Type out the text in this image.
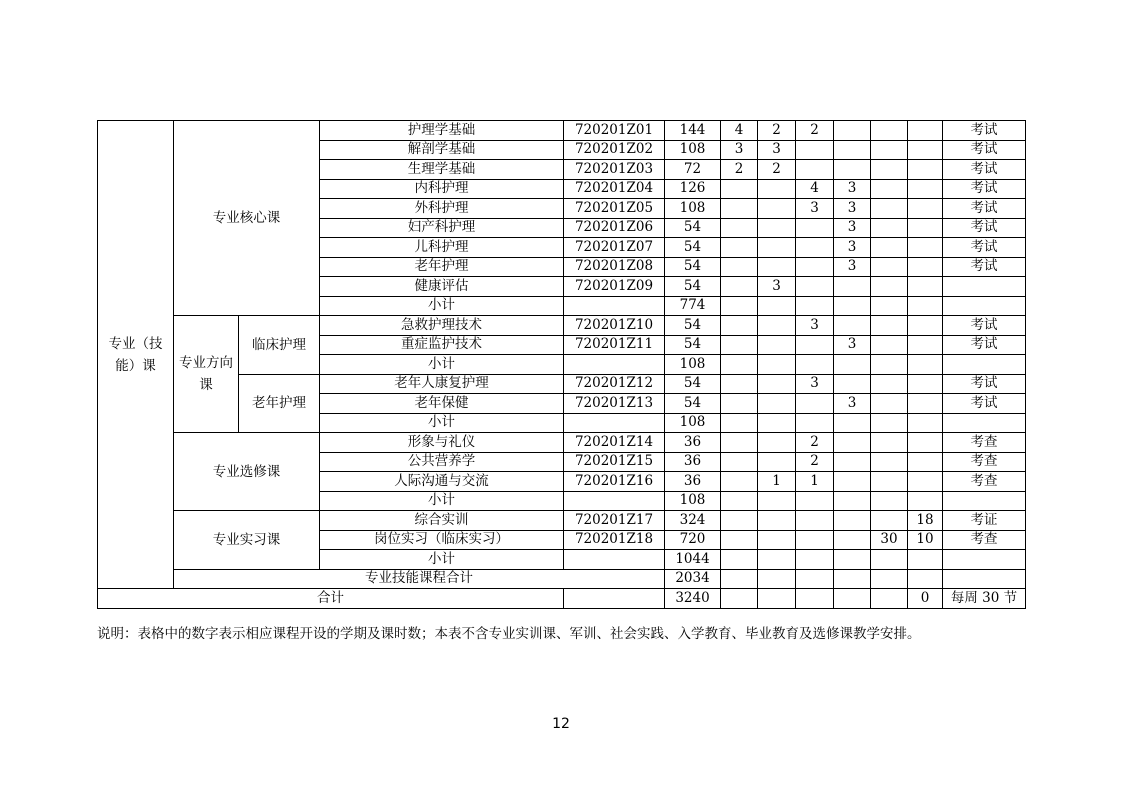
专业（技能）课	专业核心课		护理学基础	720201Z01	144	4	2	2				考试
			解剖学基础	720201Z02	108	3	3					考试
			生理学基础	720201Z03	72	2	2					考试
			内科护理	720201Z04	126			4	3			考试
			外科护理	720201Z05	108			3	3			考试
			妇产科护理	720201Z06	54				3			考试
			儿科护理	720201Z07	54				3			考试
			老年护理	720201Z08	54				3			考试
			健康评估	720201Z09	54		3					
			小计		774							
	专业方向课	临床护理	急救护理技术	720201Z10	54			3				考试
			重症监护技术	720201Z11	54				3			考试
			小计		108							
		老年护理	老年人康复护理	720201Z12	54			3				考试
			老年保健	720201Z13	54				3			考试
			小计		108							
	专业选修课		形象与礼仪	720201Z14	36			2				考查
			公共营养学	720201Z15	36			2				考查
			人际沟通与交流	720201Z16	36		1	1				考查
			小计		108							
	专业实习课		综合实训	720201Z17	324						18	考证
			岗位实习（临床实习）	720201Z18	720					30	10	考查
			小计		1044							
	专业技能课程合计				2034							
合计					3240						0	每周 30 节
说明：表格中的数字表示相应课程开设的学期及课时数；本表不含专业实训课、军训、社会实践、入学教育、毕业教育及选修课教学安排。
12
